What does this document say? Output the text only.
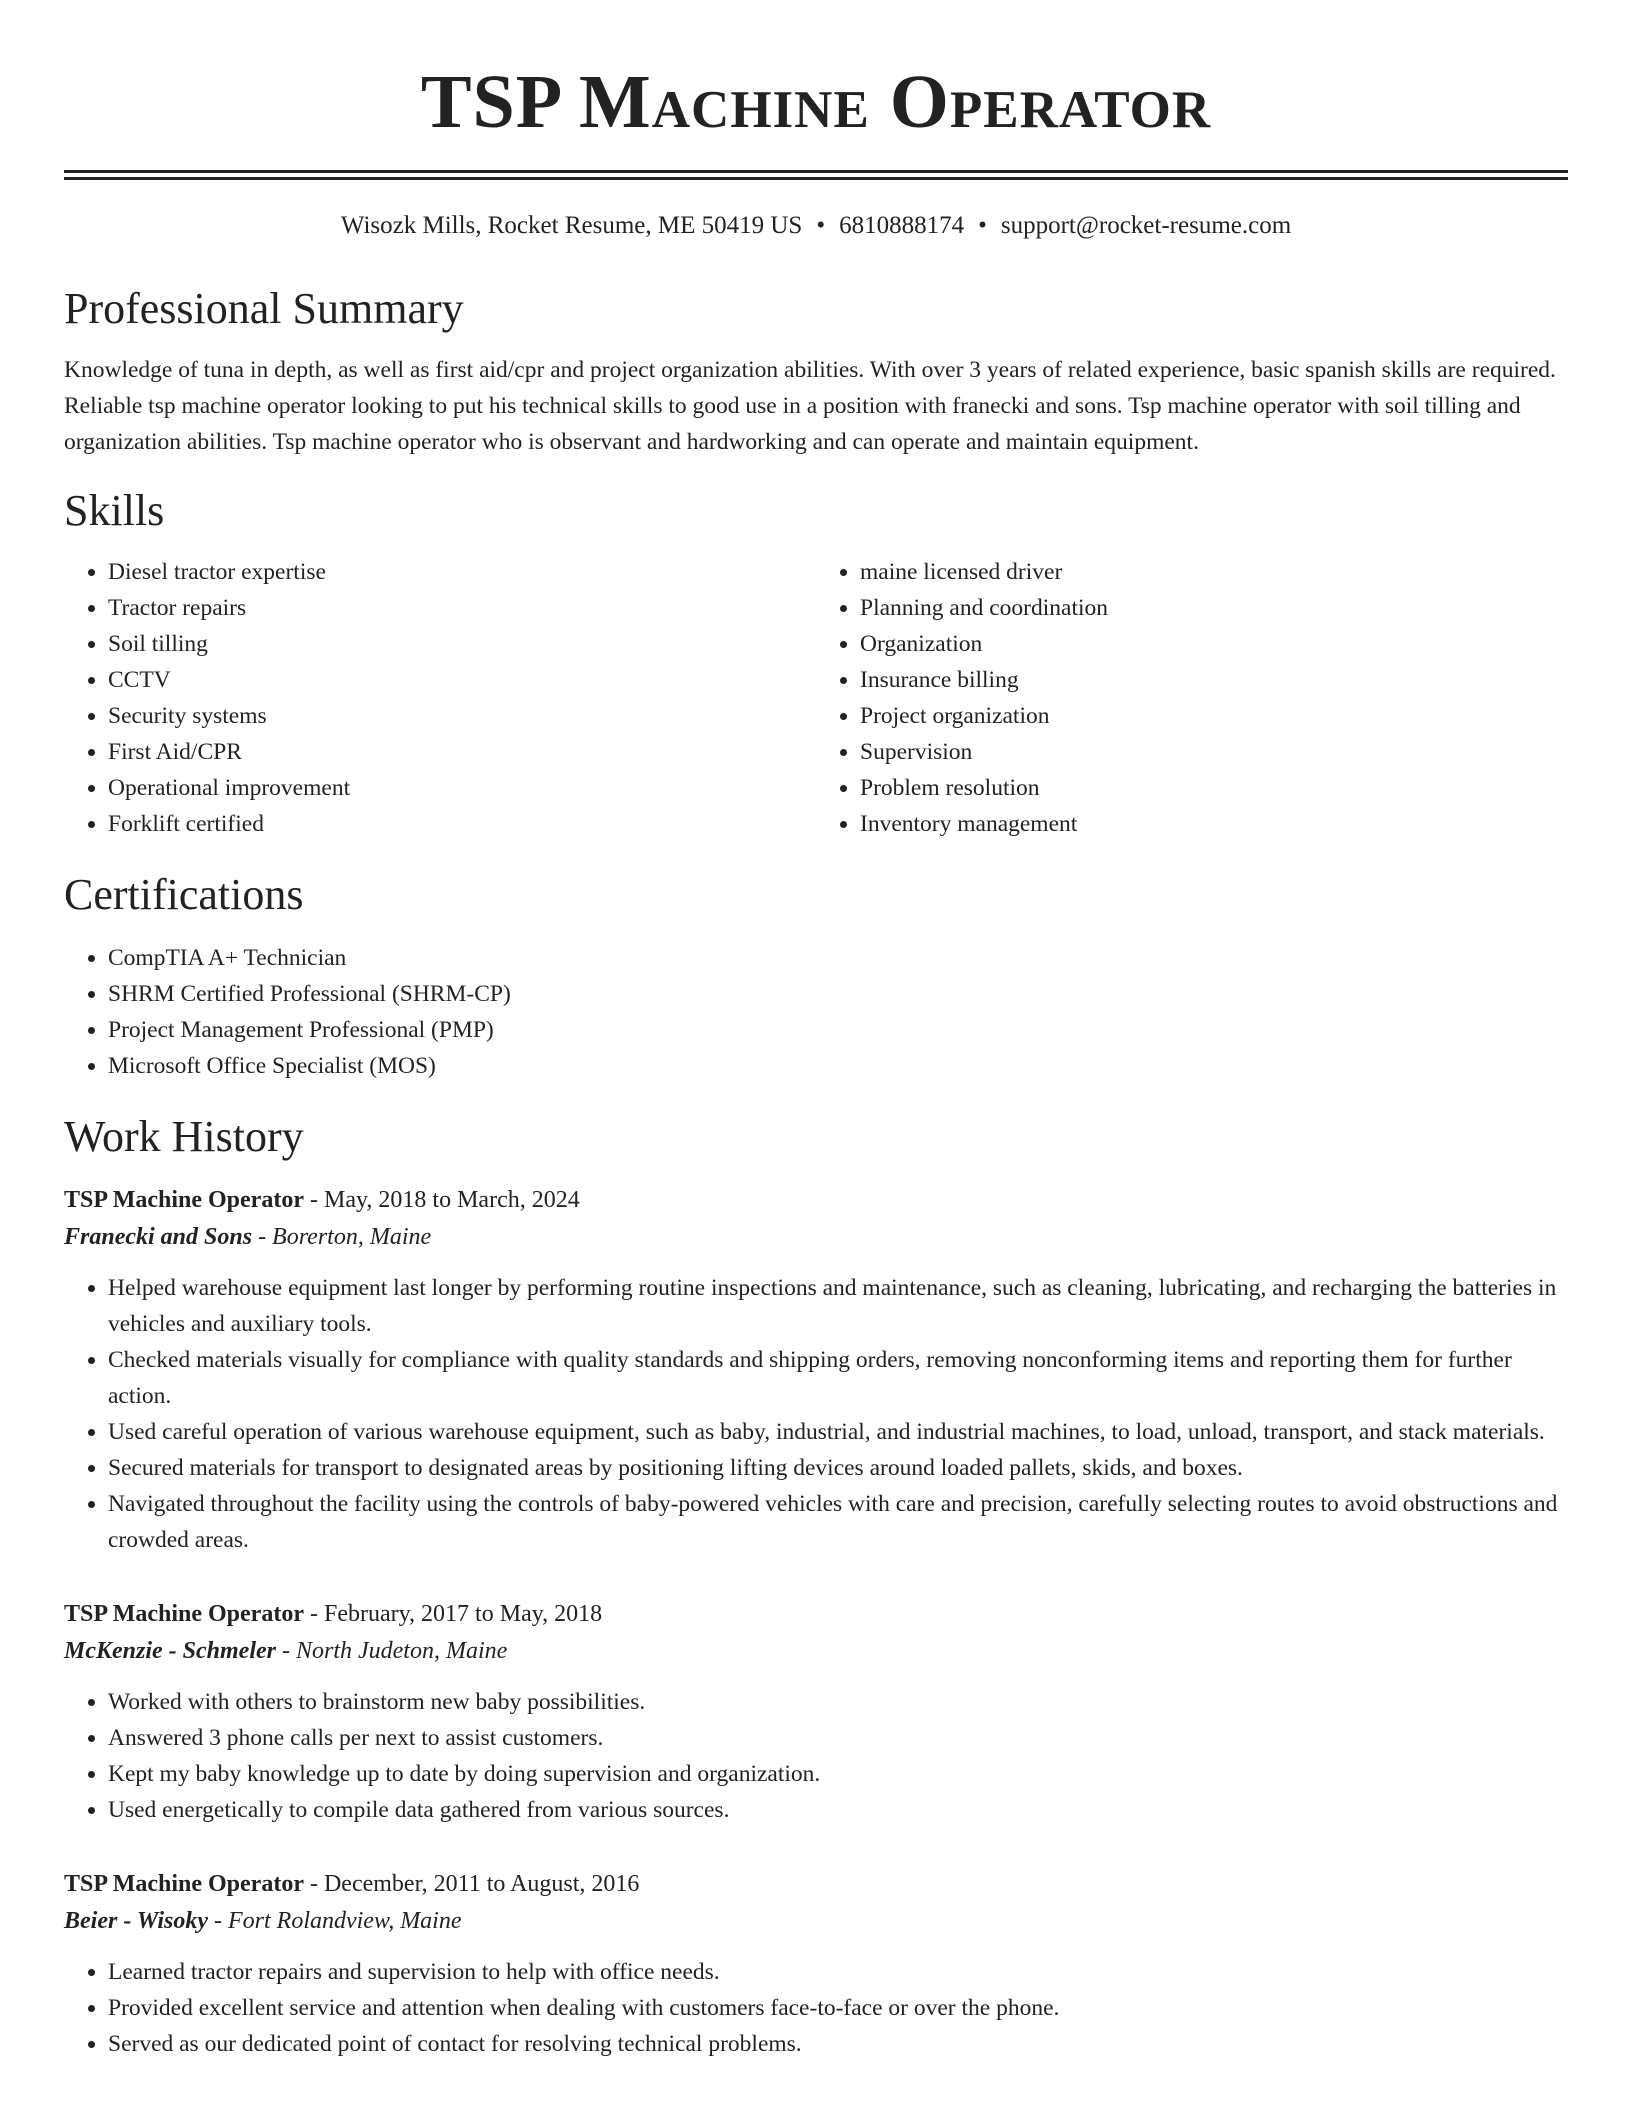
TSP Machine Operator
Wisozk Mills, Rocket Resume, ME 50419 US • 6810888174 • support@rocket-resume.com
Professional Summary

Knowledge of tuna in depth, as well as first aid/cpr and project organization abilities. With over 3 years of related experience, basic spanish skills are required. Reliable tsp machine operator looking to put his technical skills to good use in a position with franecki and sons. Tsp machine operator with soil tilling and organization abilities. Tsp machine operator who is observant and hardworking and can operate and maintain equipment.

Skills
• Diesel tractor expertise
• Tractor repairs
• Soil tilling
• CCTV
• Security systems
• First Aid/CPR
• Operational improvement
• Forklift certified
• maine licensed driver
• Planning and coordination
• Organization
• Insurance billing
• Project organization
• Supervision
• Problem resolution
• Inventory management
Certifications
• CompTIA A+ Technician
• SHRM Certified Professional (SHRM-CP)
• Project Management Professional (PMP)
• Microsoft Office Specialist (MOS)
Work History
TSP Machine Operator - May, 2018 to March, 2024
Franecki and Sons - Borerton, Maine
• Helped warehouse equipment last longer by performing routine inspections and maintenance, such as cleaning, lubricating, and recharging the batteries in vehicles and auxiliary tools.
• Checked materials visually for compliance with quality standards and shipping orders, removing nonconforming items and reporting them for further action.
• Used careful operation of various warehouse equipment, such as baby, industrial, and industrial machines, to load, unload, transport, and stack materials.
• Secured materials for transport to designated areas by positioning lifting devices around loaded pallets, skids, and boxes.
• Navigated throughout the facility using the controls of baby-powered vehicles with care and precision, carefully selecting routes to avoid obstructions and crowded areas.
TSP Machine Operator - February, 2017 to May, 2018
McKenzie - Schmeler - North Judeton, Maine
• Worked with others to brainstorm new baby possibilities.
• Answered 3 phone calls per next to assist customers.
• Kept my baby knowledge up to date by doing supervision and organization.
• Used energetically to compile data gathered from various sources.
TSP Machine Operator - December, 2011 to August, 2016
Beier - Wisoky - Fort Rolandview, Maine
• Learned tractor repairs and supervision to help with office needs.
• Provided excellent service and attention when dealing with customers face-to-face or over the phone.
• Served as our dedicated point of contact for resolving technical problems.
